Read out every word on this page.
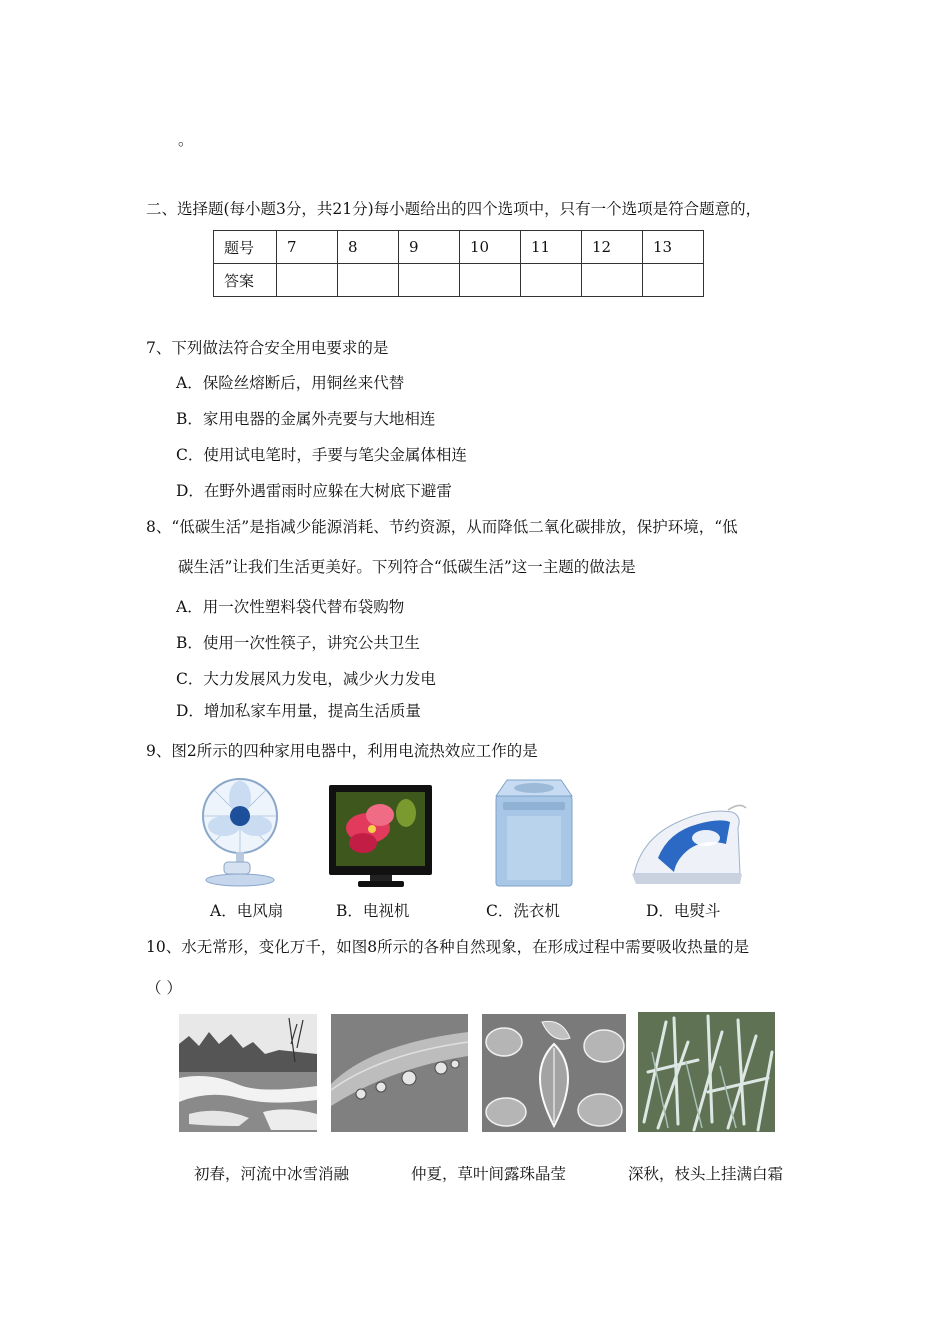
。
二、选择题(每小题3分，共21分)每小题给出的四个选项中，只有一个选项是符合题意的，
题号	7	8	9	10	11	12	13
答案							
7、下列做法符合安全用电要求的是
A．保险丝熔断后，用铜丝来代替
B．家用电器的金属外壳要与大地相连
C．使用试电笔时，手要与笔尖金属体相连
D．在野外遇雷雨时应躲在大树底下避雷
8、“低碳生活”是指减少能源消耗、节约资源，从而降低二氧化碳排放，保护环境，“低
碳生活”让我们生活更美好。下列符合“低碳生活”这一主题的做法是
A．用一次性塑料袋代替布袋购物
B．使用一次性筷子，讲究公共卫生
C．大力发展风力发电，减少火力发电
D．增加私家车用量，提高生活质量
9、图2所示的四种家用电器中，利用电流热效应工作的是
A．电风扇	B．电视机	C．洗衣机	D．电熨斗
10、水无常形，变化万千，如图8所示的各种自然现象，在形成过程中需要吸收热量的是
（ ）
初春，河流中冰雪消融	仲夏，草叶间露珠晶莹	深秋，枝头上挂满白霜
